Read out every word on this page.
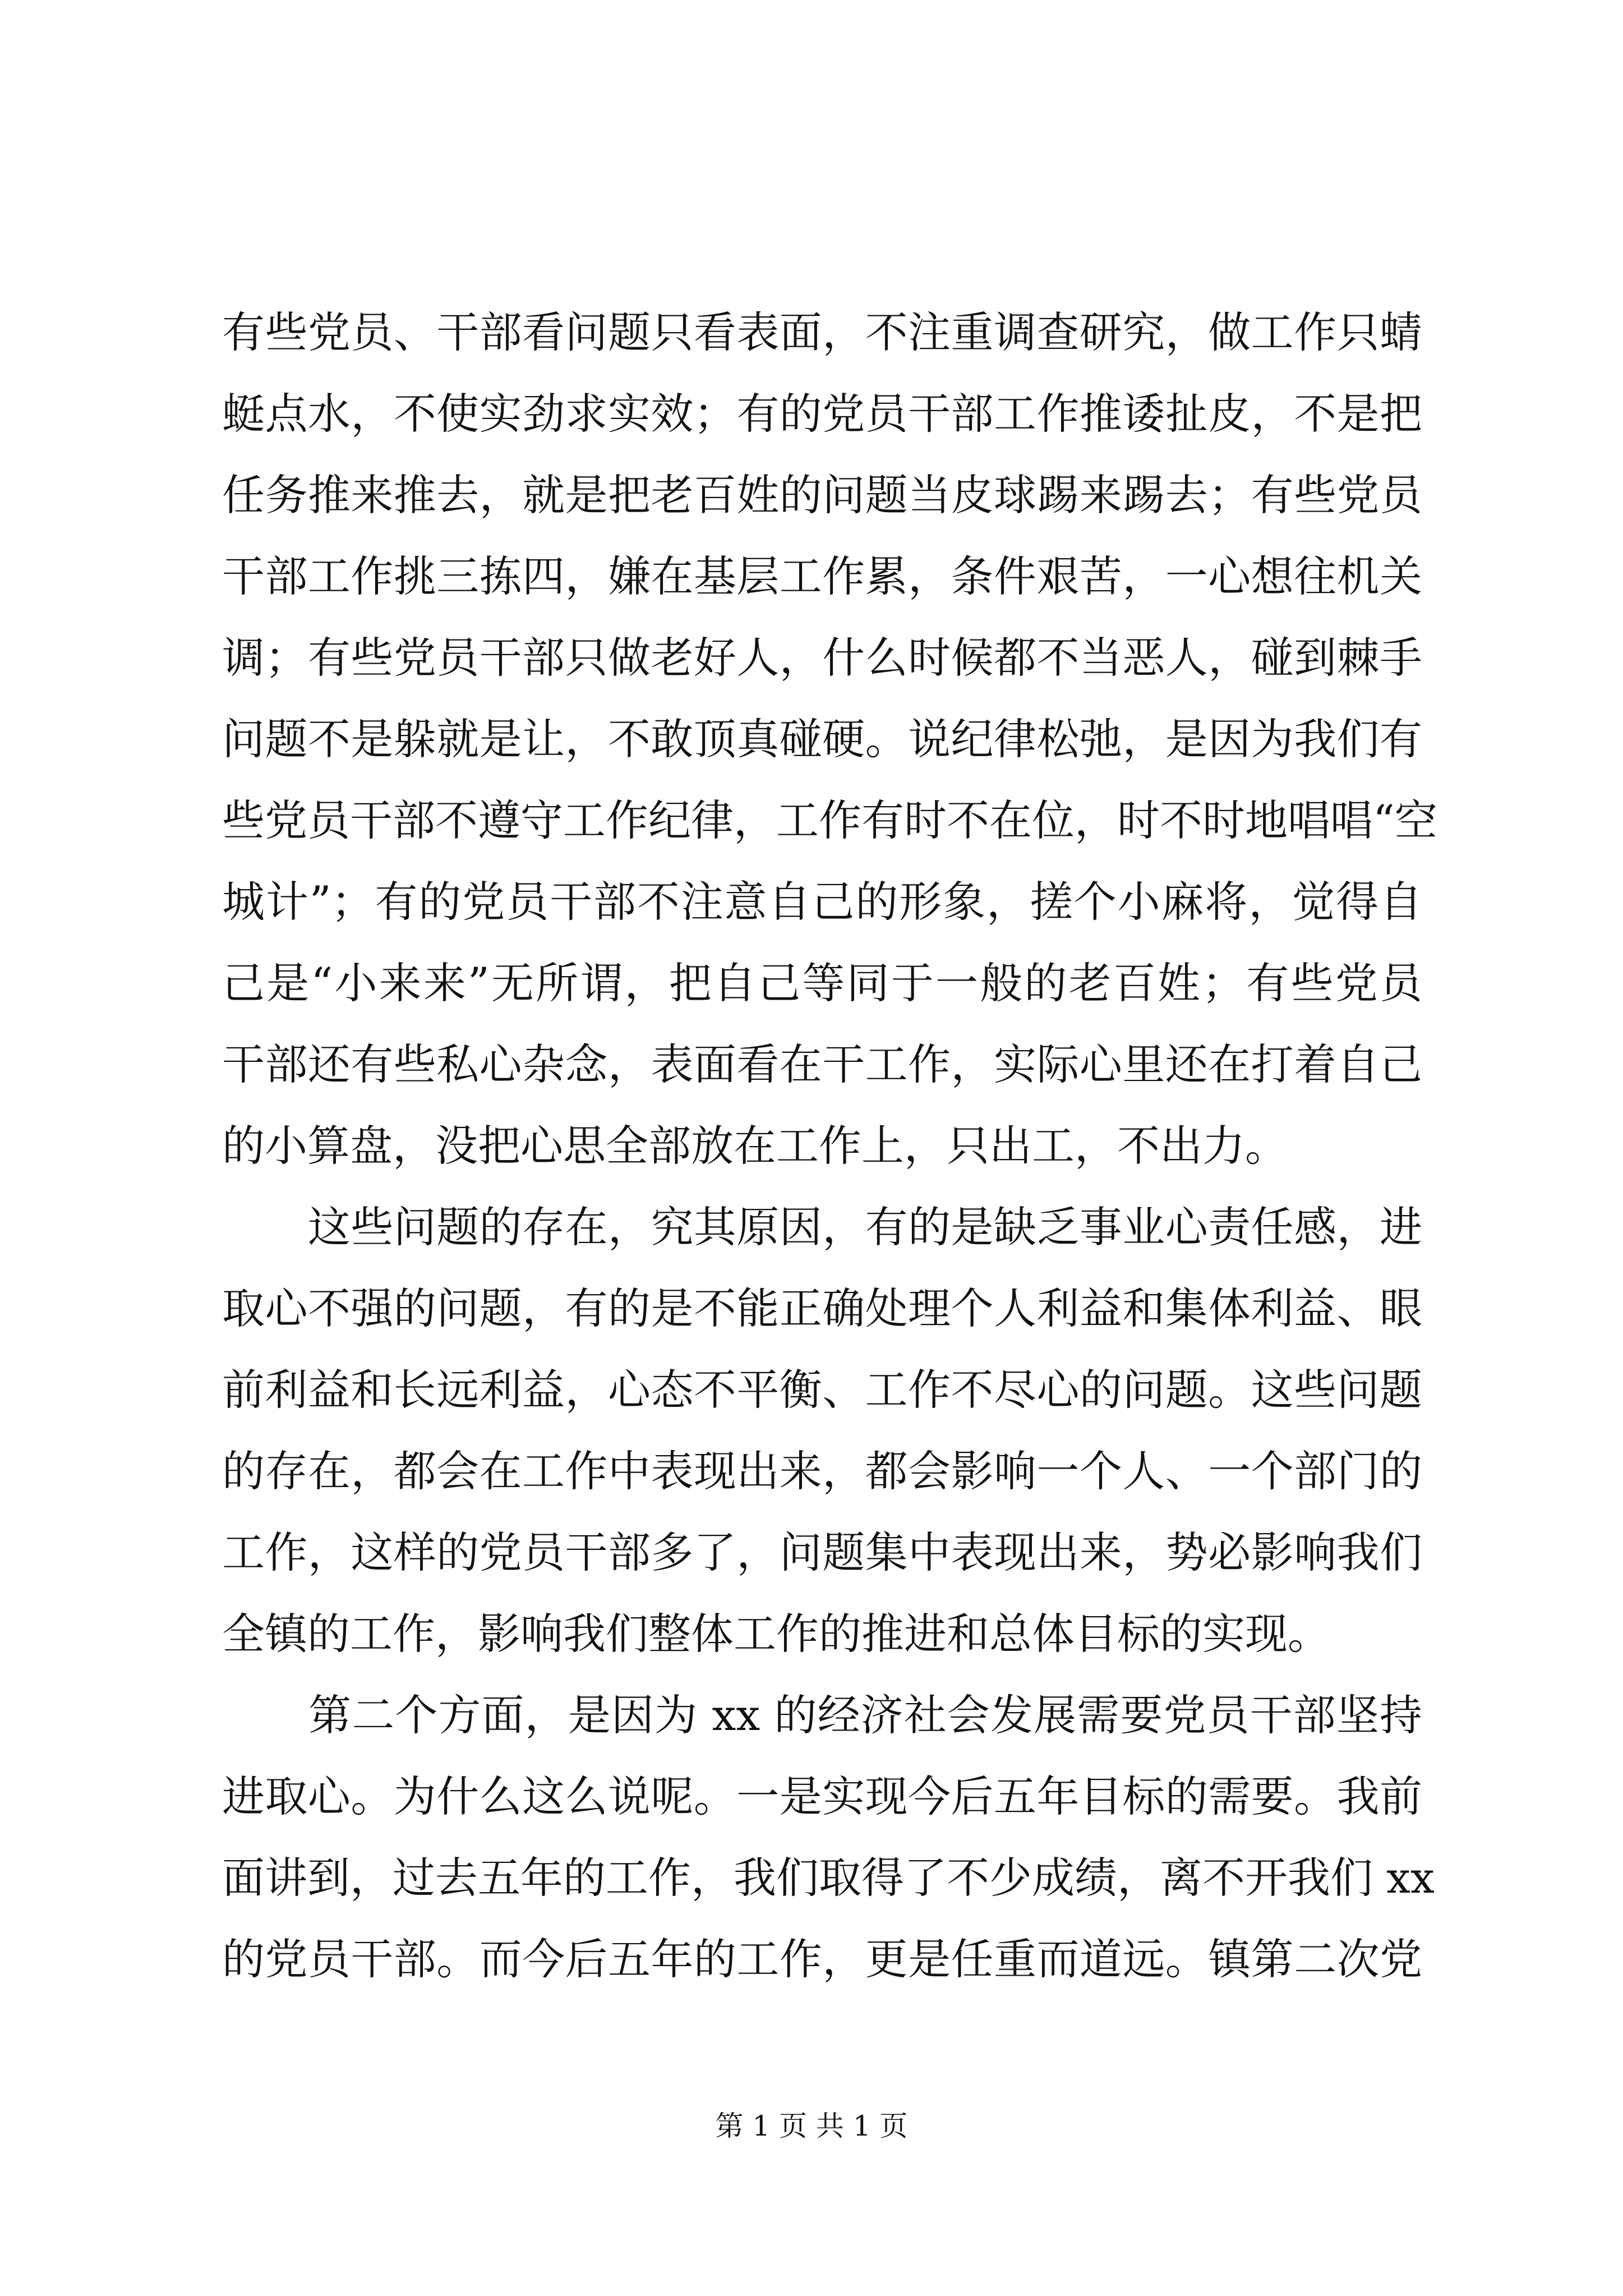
有些党员、干部看问题只看表面，不注重调查研究，做工作只蜻
蜓点水，不使实劲求实效；有的党员干部工作推诿扯皮，不是把
任务推来推去，就是把老百姓的问题当皮球踢来踢去；有些党员
干部工作挑三拣四，嫌在基层工作累，条件艰苦，一心想往机关
调；有些党员干部只做老好人，什么时候都不当恶人，碰到棘手
问题不是躲就是让，不敢顶真碰硬。说纪律松弛，是因为我们有
些党员干部不遵守工作纪律，工作有时不在位，时不时地唱唱“空
城计”；有的党员干部不注意自己的形象，搓个小麻将，觉得自
己是“小来来”无所谓，把自己等同于一般的老百姓；有些党员
干部还有些私心杂念，表面看在干工作，实际心里还在打着自己
的小算盘，没把心思全部放在工作上，只出工，不出力。
　　这些问题的存在，究其原因，有的是缺乏事业心责任感，进
取心不强的问题，有的是不能正确处理个人利益和集体利益、眼
前利益和长远利益，心态不平衡、工作不尽心的问题。这些问题
的存在，都会在工作中表现出来，都会影响一个人、一个部门的
工作，这样的党员干部多了，问题集中表现出来，势必影响我们
全镇的工作，影响我们整体工作的推进和总体目标的实现。
　　第二个方面，是因为 xx 的经济社会发展需要党员干部坚持
进取心。为什么这么说呢。一是实现今后五年目标的需要。我前
面讲到，过去五年的工作，我们取得了不少成绩，离不开我们 xx
的党员干部。而今后五年的工作，更是任重而道远。镇第二次党
第 1 页 共 1 页
